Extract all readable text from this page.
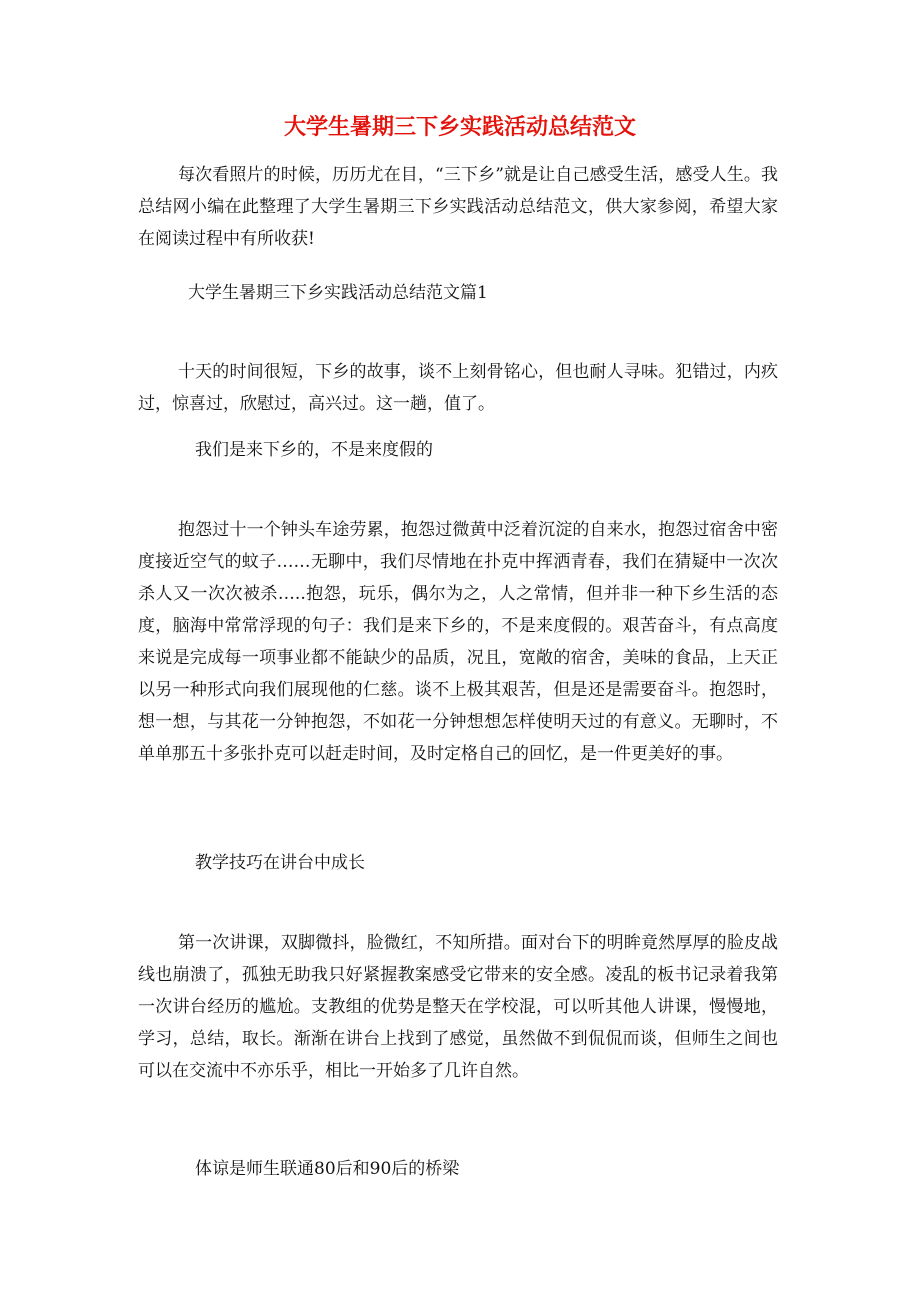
大学生暑期三下乡实践活动总结范文

每次看照片的时候，历历尤在目，“三下乡”就是让自己感受生活，感受人生。我总结网小编在此整理了大学生暑期三下乡实践活动总结范文，供大家参阅，希望大家在阅读过程中有所收获!

大学生暑期三下乡实践活动总结范文篇1

十天的时间很短，下乡的故事，谈不上刻骨铭心，但也耐人寻味。犯错过，内疚过，惊喜过，欣慰过，高兴过。这一趟，值了。

我们是来下乡的，不是来度假的

抱怨过十一个钟头车途劳累，抱怨过微黄中泛着沉淀的自来水，抱怨过宿舍中密度接近空气的蚊子……无聊中，我们尽情地在扑克中挥洒青春，我们在猜疑中一次次杀人又一次次被杀…..抱怨，玩乐，偶尔为之，人之常情，但并非一种下乡生活的态度，脑海中常常浮现的句子：我们是来下乡的，不是来度假的。艰苦奋斗，有点高度来说是完成每一项事业都不能缺少的品质，况且，宽敞的宿舍，美味的食品，上天正以另一种形式向我们展现他的仁慈。谈不上极其艰苦，但是还是需要奋斗。抱怨时，想一想，与其花一分钟抱怨，不如花一分钟想想怎样使明天过的有意义。无聊时，不单单那五十多张扑克可以赶走时间，及时定格自己的回忆，是一件更美好的事。

教学技巧在讲台中成长

第一次讲课，双脚微抖，脸微红，不知所措。面对台下的明眸竟然厚厚的脸皮战线也崩溃了，孤独无助我只好紧握教案感受它带来的安全感。凌乱的板书记录着我第一次讲台经历的尴尬。支教组的优势是整天在学校混，可以听其他人讲课，慢慢地，学习，总结，取长。渐渐在讲台上找到了感觉，虽然做不到侃侃而谈，但师生之间也可以在交流中不亦乐乎，相比一开始多了几许自然。

体谅是师生联通80后和90后的桥梁
